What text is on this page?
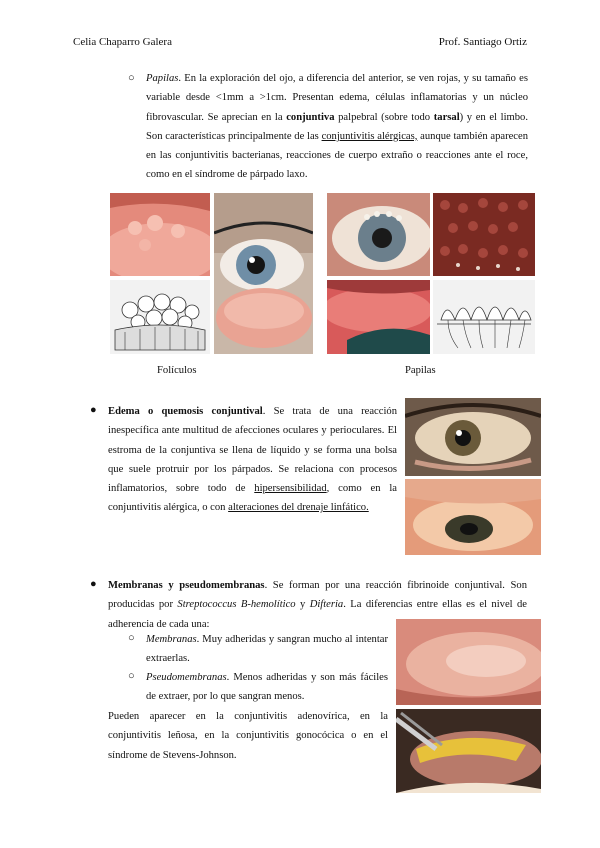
Celia Chaparro Galera	Prof. Santiago Ortiz
○ Papilas. En la exploración del ojo, a diferencia del anterior, se ven rojas, y su tamaño es variable desde <1mm a >1cm. Presentan edema, células inflamatorias y un núcleo fibrovascular. Se aprecian en la conjuntiva palpebral (sobre todo tarsal) y en el limbo. Son características principalmente de las conjuntivitis alérgicas, aunque también aparecen en las conjuntivitis bacterianas, reacciones de cuerpo extraño o reacciones ante el roce, como en el síndrome de párpado laxo.
Folículos	Papilas
● Edema o quemosis conjuntival. Se trata de una reacción inespecífica ante multitud de afecciones oculares y perioculares. El estroma de la conjuntiva se llena de líquido y se forma una bolsa que suele protruir por los párpados. Se relaciona con procesos inflamatorios, sobre todo de hipersensibilidad, como en la conjuntivitis alérgica, o con alteraciones del drenaje linfático.
● Membranas y pseudomembranas. Se forman por una reacción fibrinoide conjuntival. Son producidas por Streptococcus B-hemolítico y Difteria. La diferencias entre ellas es el nivel de adherencia de cada una:
○ Membranas. Muy adheridas y sangran mucho al intentar extraerlas.
○ Pseudomembranas. Menos adheridas y son más fáciles de extraer, por lo que sangran menos.
Pueden aparecer en la conjuntivitis adenovírica, en la conjuntivitis leñosa, en la conjuntivitis gonocócica o en el síndrome de Stevens-Johnson.
